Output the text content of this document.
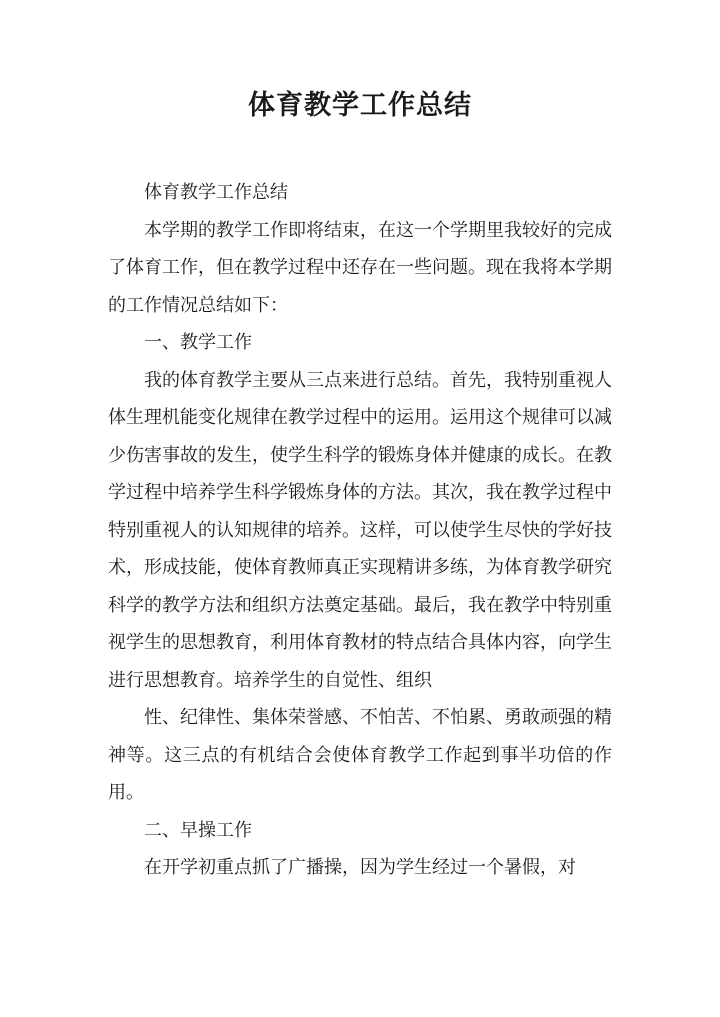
体育教学工作总结

体育教学工作总结

本学期的教学工作即将结束，在这一个学期里我较好的完成了体育工作，但在教学过程中还存在一些问题。现在我将本学期的工作情况总结如下：

一、教学工作

我的体育教学主要从三点来进行总结。首先，我特别重视人体生理机能变化规律在教学过程中的运用。运用这个规律可以减少伤害事故的发生，使学生科学的锻炼身体并健康的成长。在教学过程中培养学生科学锻炼身体的方法。其次，我在教学过程中特别重视人的认知规律的培养。这样，可以使学生尽快的学好技术，形成技能，使体育教师真正实现精讲多练，为体育教学研究科学的教学方法和组织方法奠定基础。最后，我在教学中特别重视学生的思想教育，利用体育教材的特点结合具体内容，向学生进行思想教育。培养学生的自觉性、组织

性、纪律性、集体荣誉感、不怕苦、不怕累、勇敢顽强的精神等。这三点的有机结合会使体育教学工作起到事半功倍的作用。

二、早操工作

在开学初重点抓了广播操，因为学生经过一个暑假，对
